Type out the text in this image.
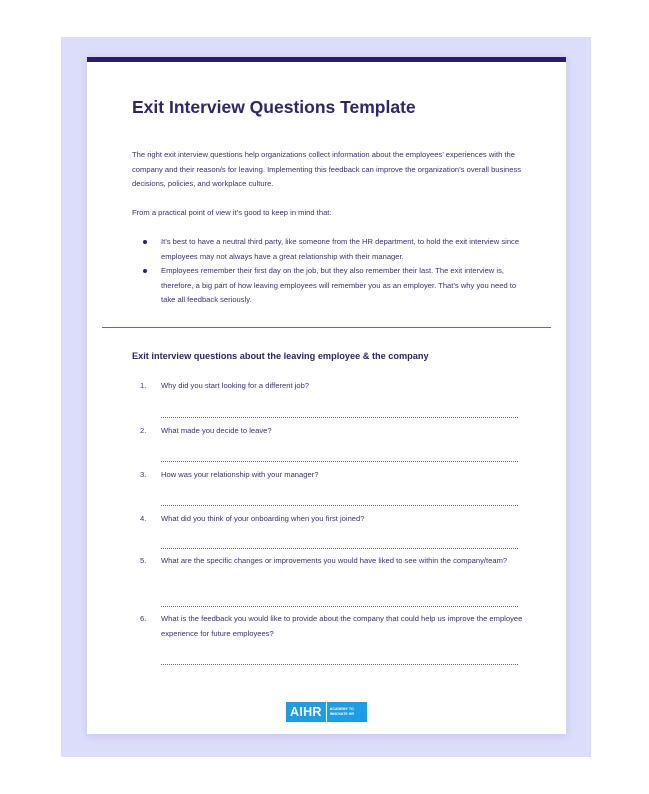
Exit Interview Questions Template

The right exit interview questions help organizations collect information about the employees’ experiences with the company and their reason/s for leaving. Implementing this feedback can improve the organization’s overall business decisions, policies, and workplace culture.

From a practical point of view it’s good to keep in mind that:

It’s best to have a neutral third party, like someone from the HR department, to hold the exit interview since employees may not always have a great relationship with their manager.
Employees remember their first day on the job, but they also remember their last. The exit interview is, therefore, a big part of how leaving employees will remember you as an employer. That’s why you need to take all feedback seriously.
Exit interview questions about the leaving employee & the company
1. Why did you start looking for a different job?
2. What made you decide to leave?
3. How was your relationship with your manager?
4. What did you think of your onboarding when you first joined?
5. What are the specific changes or improvements you would have liked to see within the company/team?
6. What is the feedback you would like to provide about the company that could help us improve the employee experience for future employees?
AIHR	ACADEMY TO INNOVATE HR
